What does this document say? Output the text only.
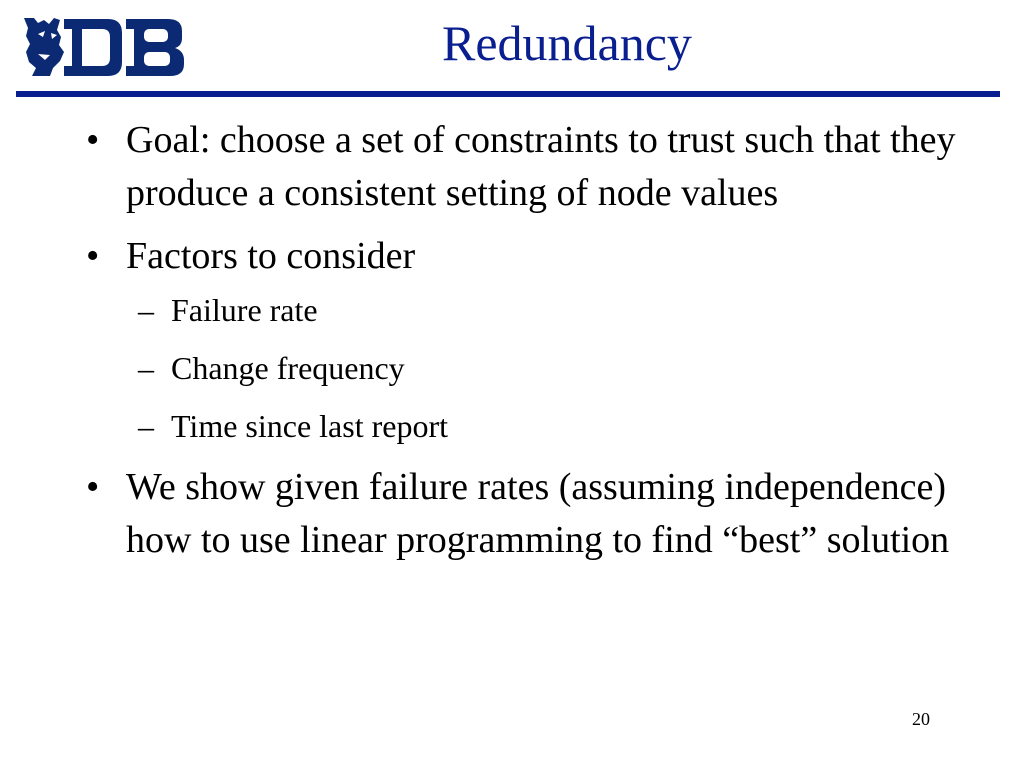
Redundancy
• Goal: choose a set of constraints to trust such that they produce a consistent setting of node values
• Factors to consider
– Failure rate
– Change frequency
– Time since last report
• We show given failure rates (assuming independence) how to use linear programming to find “best” solution
20
